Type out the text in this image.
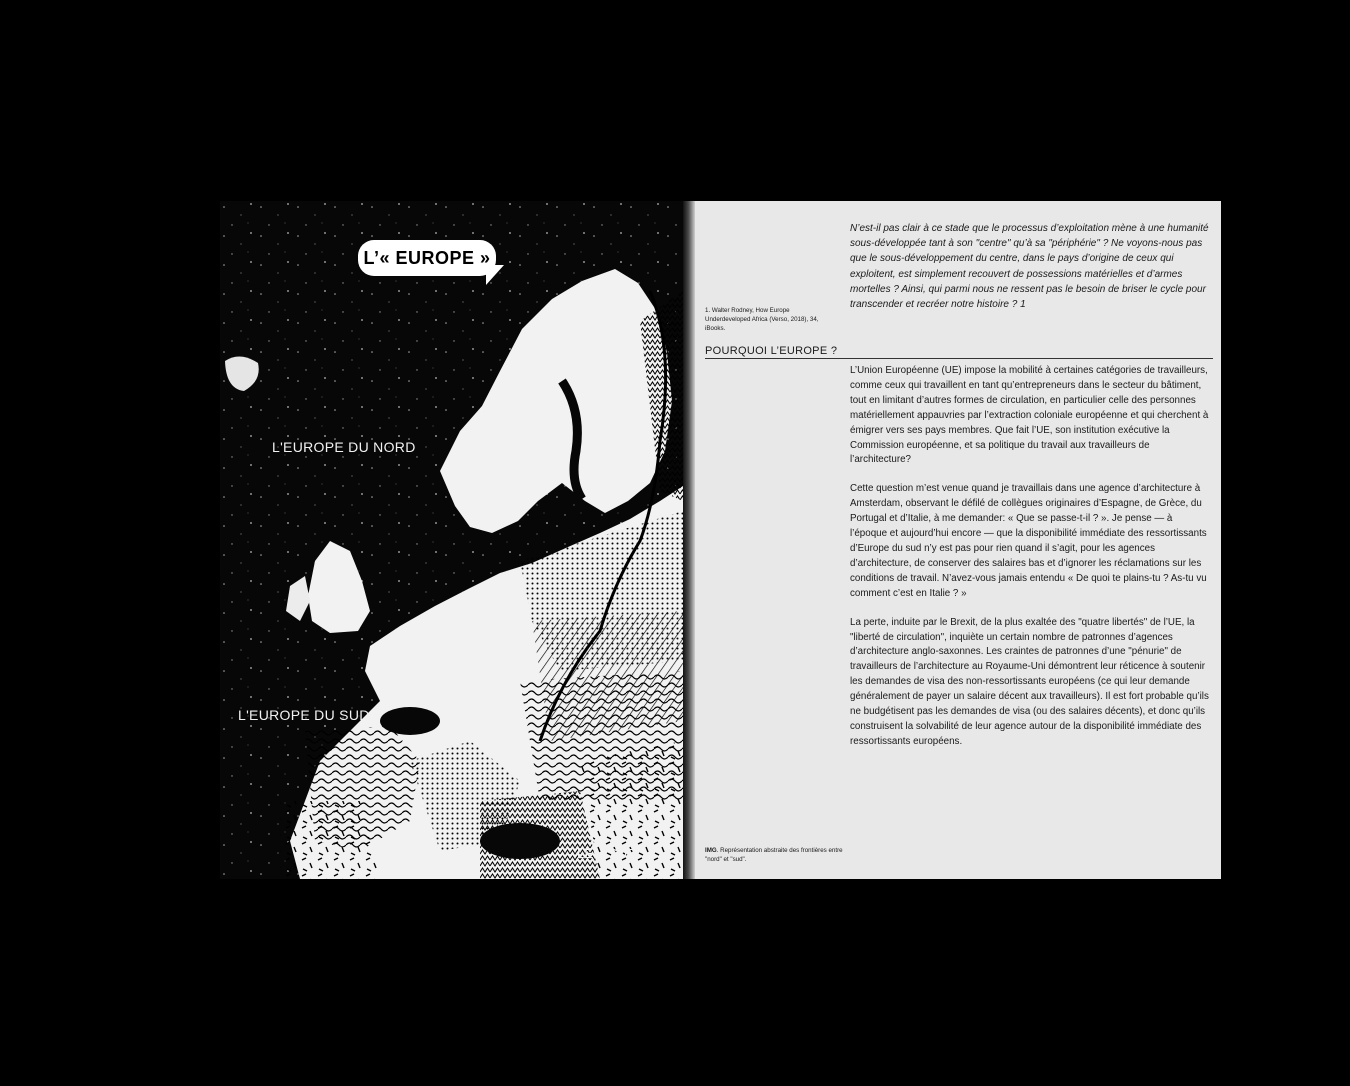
L’« EUROPE »
L'EUROPE DU NORD
L'EUROPE DU SUD
LE « SUD »

N’est-il pas clair à ce stade que le processus d’exploitation mène à une humanité sous-développée tant à son "centre" qu’à sa "périphérie" ? Ne voyons-nous pas que le sous-développement du centre, dans le pays d’origine de ceux qui exploitent, est simplement recouvert de possessions matérielles et d’armes mortelles ? Ainsi, qui parmi nous ne ressent pas le besoin de briser le cycle pour transcender et recréer notre histoire ? 1

1. Walter Rodney, How Europe Underdeveloped Africa (Verso, 2018), 34, iBooks.

POURQUOI L’EUROPE ?

L’Union Européenne (UE) impose la mobilité à certaines catégories de travailleurs, comme ceux qui travaillent en tant qu’entrepreneurs dans le secteur du bâtiment, tout en limitant d’autres formes de circulation, en particulier celle des personnes matériellement appauvries par l’extraction coloniale européenne et qui cherchent à émigrer vers ses pays membres. Que fait l’UE, son institution exécutive la Commission européenne, et sa politique du travail aux travailleurs de l’architecture?

Cette question m’est venue quand je travaillais dans une agence d’architecture à Amsterdam, observant le défilé de collègues originaires d’Espagne, de Grèce, du Portugal et d’Italie, à me demander: « Que se passe-t-il ? ». Je pense — à l’époque et aujourd’hui encore — que la disponibilité immédiate des ressortissants d’Europe du sud n’y est pas pour rien quand il s’agit, pour les agences d’architecture, de conserver des salaires bas et d’ignorer les réclamations sur les conditions de travail. N’avez-vous jamais entendu « De quoi te plains-tu ? As-tu vu comment c’est en Italie ? »

La perte, induite par le Brexit, de la plus exaltée des "quatre libertés" de l’UE, la "liberté de circulation", inquiète un certain nombre de patronnes d’agences d’architecture anglo-saxonnes. Les craintes de patronnes d’une "pénurie" de travailleurs de l’architecture au Royaume-Uni démontrent leur réticence à soutenir les demandes de visa des non-ressortissants européens (ce qui leur demande généralement de payer un salaire décent aux travailleurs). Il est fort probable qu’ils ne budgétisent pas les demandes de visa (ou des salaires décents), et donc qu’ils construisent la solvabilité de leur agence autour de la disponibilité immédiate des ressortissants européens.

IMG. Représentation abstraite des frontières entre "nord" et "sud".
